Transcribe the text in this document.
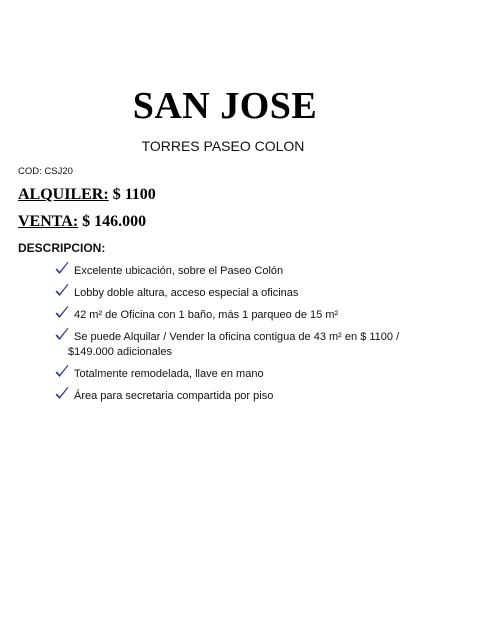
SAN JOSE
TORRES PASEO COLON
COD: CSJ20
ALQUILER: $ 1100
VENTA: $ 146.000
DESCRIPCION:
Excelente ubicación, sobre el Paseo Colón
Lobby doble altura, acceso especial a oficinas
42 m² de Oficina con 1 baño, más 1 parqueo de 15 m²
Se puede Alquilar / Vender la oficina contigua de 43 m² en $ 1100 /
$149.000 adicionales
Totalmente remodelada, llave en mano
Área para secretaria compartida por piso
